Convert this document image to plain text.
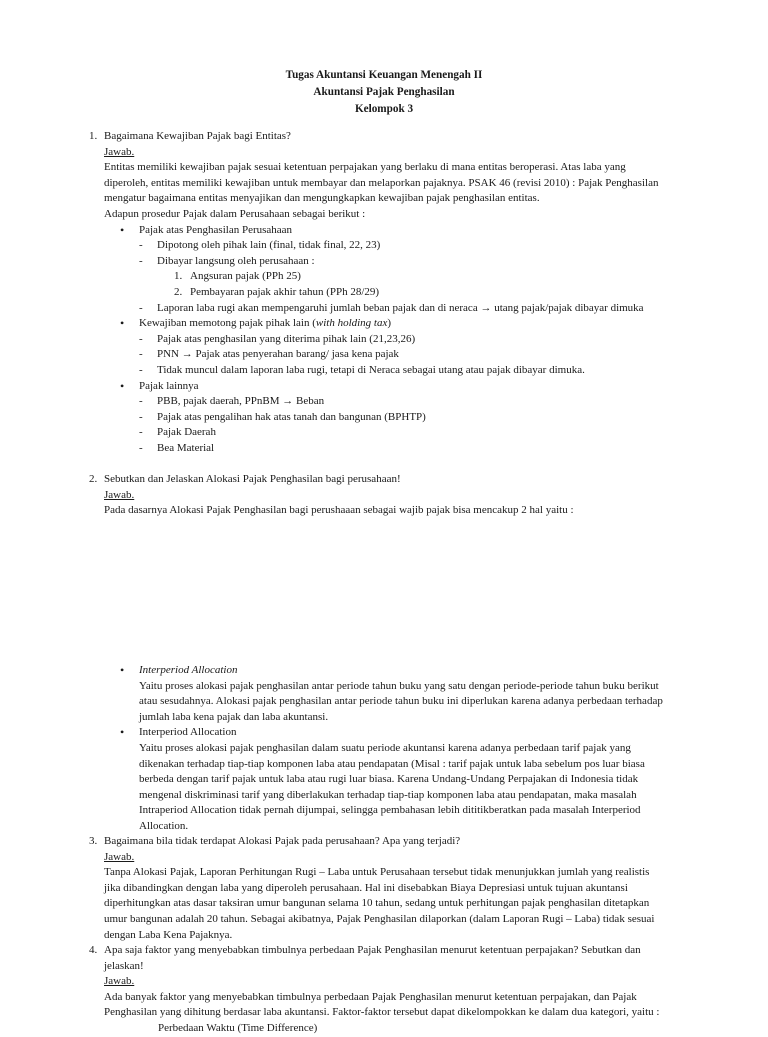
Tugas Akuntansi Keuangan Menengah II
Akuntansi Pajak Penghasilan
Kelompok 3
1. Bagaimana Kewajiban Pajak bagi Entitas?
Jawab.
Entitas memiliki kewajiban pajak sesuai ketentuan perpajakan yang berlaku di mana entitas beroperasi. Atas laba yang
diperoleh, entitas memiliki kewajiban untuk membayar dan melaporkan pajaknya. PSAK 46 (revisi 2010) : Pajak Penghasilan
mengatur bagaimana entitas menyajikan dan mengungkapkan kewajiban pajak penghasilan entitas.
Adapun prosedur Pajak dalam Perusahaan sebagai berikut :
• Pajak atas Penghasilan Perusahaan
- Dipotong oleh pihak lain (final, tidak final, 22, 23)
- Dibayar langsung oleh perusahaan :
1. Angsuran pajak (PPh 25)
2. Pembayaran pajak akhir tahun (PPh 28/29)
- Laporan laba rugi akan mempengaruhi jumlah beban pajak dan di neraca → utang pajak/pajak dibayar dimuka
• Kewajiban memotong pajak pihak lain (with holding tax)
- Pajak atas penghasilan yang diterima pihak lain (21,23,26)
- PNN → Pajak atas penyerahan barang/ jasa kena pajak
- Tidak muncul dalam laporan laba rugi, tetapi di Neraca sebagai utang atau pajak dibayar dimuka.
• Pajak lainnya
- PBB, pajak daerah, PPnBM → Beban
- Pajak atas pengalihan hak atas tanah dan bangunan (BPHTP)
- Pajak Daerah
- Bea Material
2. Sebutkan dan Jelaskan Alokasi Pajak Penghasilan bagi perusahaan!
Jawab.
Pada dasarnya Alokasi Pajak Penghasilan bagi perushaaan sebagai wajib pajak bisa mencakup 2 hal yaitu :
• Interperiod Allocation
Yaitu proses alokasi pajak penghasilan antar periode tahun buku yang satu dengan periode-periode tahun buku berikut
atau sesudahnya. Alokasi pajak penghasilan antar periode tahun buku ini diperlukan karena adanya perbedaan terhadap
jumlah laba kena pajak dan laba akuntansi.
• Interperiod Allocation
Yaitu proses alokasi pajak penghasilan dalam suatu periode akuntansi karena adanya perbedaan tarif pajak yang
dikenakan terhadap tiap-tiap komponen laba atau pendapatan (Misal : tarif pajak untuk laba sebelum pos luar biasa
berbeda dengan tarif pajak untuk laba atau rugi luar biasa. Karena Undang-Undang Perpajakan di Indonesia tidak
mengenal diskriminasi tarif yang diberlakukan terhadap tiap-tiap komponen laba atau pendapatan, maka masalah
Intraperiod Allocation tidak pernah dijumpai, selingga pembahasan lebih dititikberatkan pada masalah Interperiod
Allocation.
3. Bagaimana bila tidak terdapat Alokasi Pajak pada perusahaan? Apa yang terjadi?
Jawab.
Tanpa Alokasi Pajak, Laporan Perhitungan Rugi – Laba untuk Perusahaan tersebut tidak menunjukkan jumlah yang realistis
jika dibandingkan dengan laba yang diperoleh perusahaan. Hal ini disebabkan Biaya Depresiasi untuk tujuan akuntansi
diperhitungkan atas dasar taksiran umur bangunan selama 10 tahun, sedang untuk perhitungan pajak penghasilan ditetapkan
umur bangunan adalah 20 tahun. Sebagai akibatnya, Pajak Penghasilan dilaporkan (dalam Laporan Rugi – Laba) tidak sesuai
dengan Laba Kena Pajaknya.
4. Apa saja faktor yang menyebabkan timbulnya perbedaan Pajak Penghasilan menurut ketentuan perpajakan? Sebutkan dan
jelaskan!
Jawab.
Ada banyak faktor yang menyebabkan timbulnya perbedaan Pajak Penghasilan menurut ketentuan perpajakan, dan Pajak
Penghasilan yang dihitung berdasar laba akuntansi. Faktor-faktor tersebut dapat dikelompokkan ke dalam dua kategori, yaitu :
Perbedaan Waktu (Time Difference)
